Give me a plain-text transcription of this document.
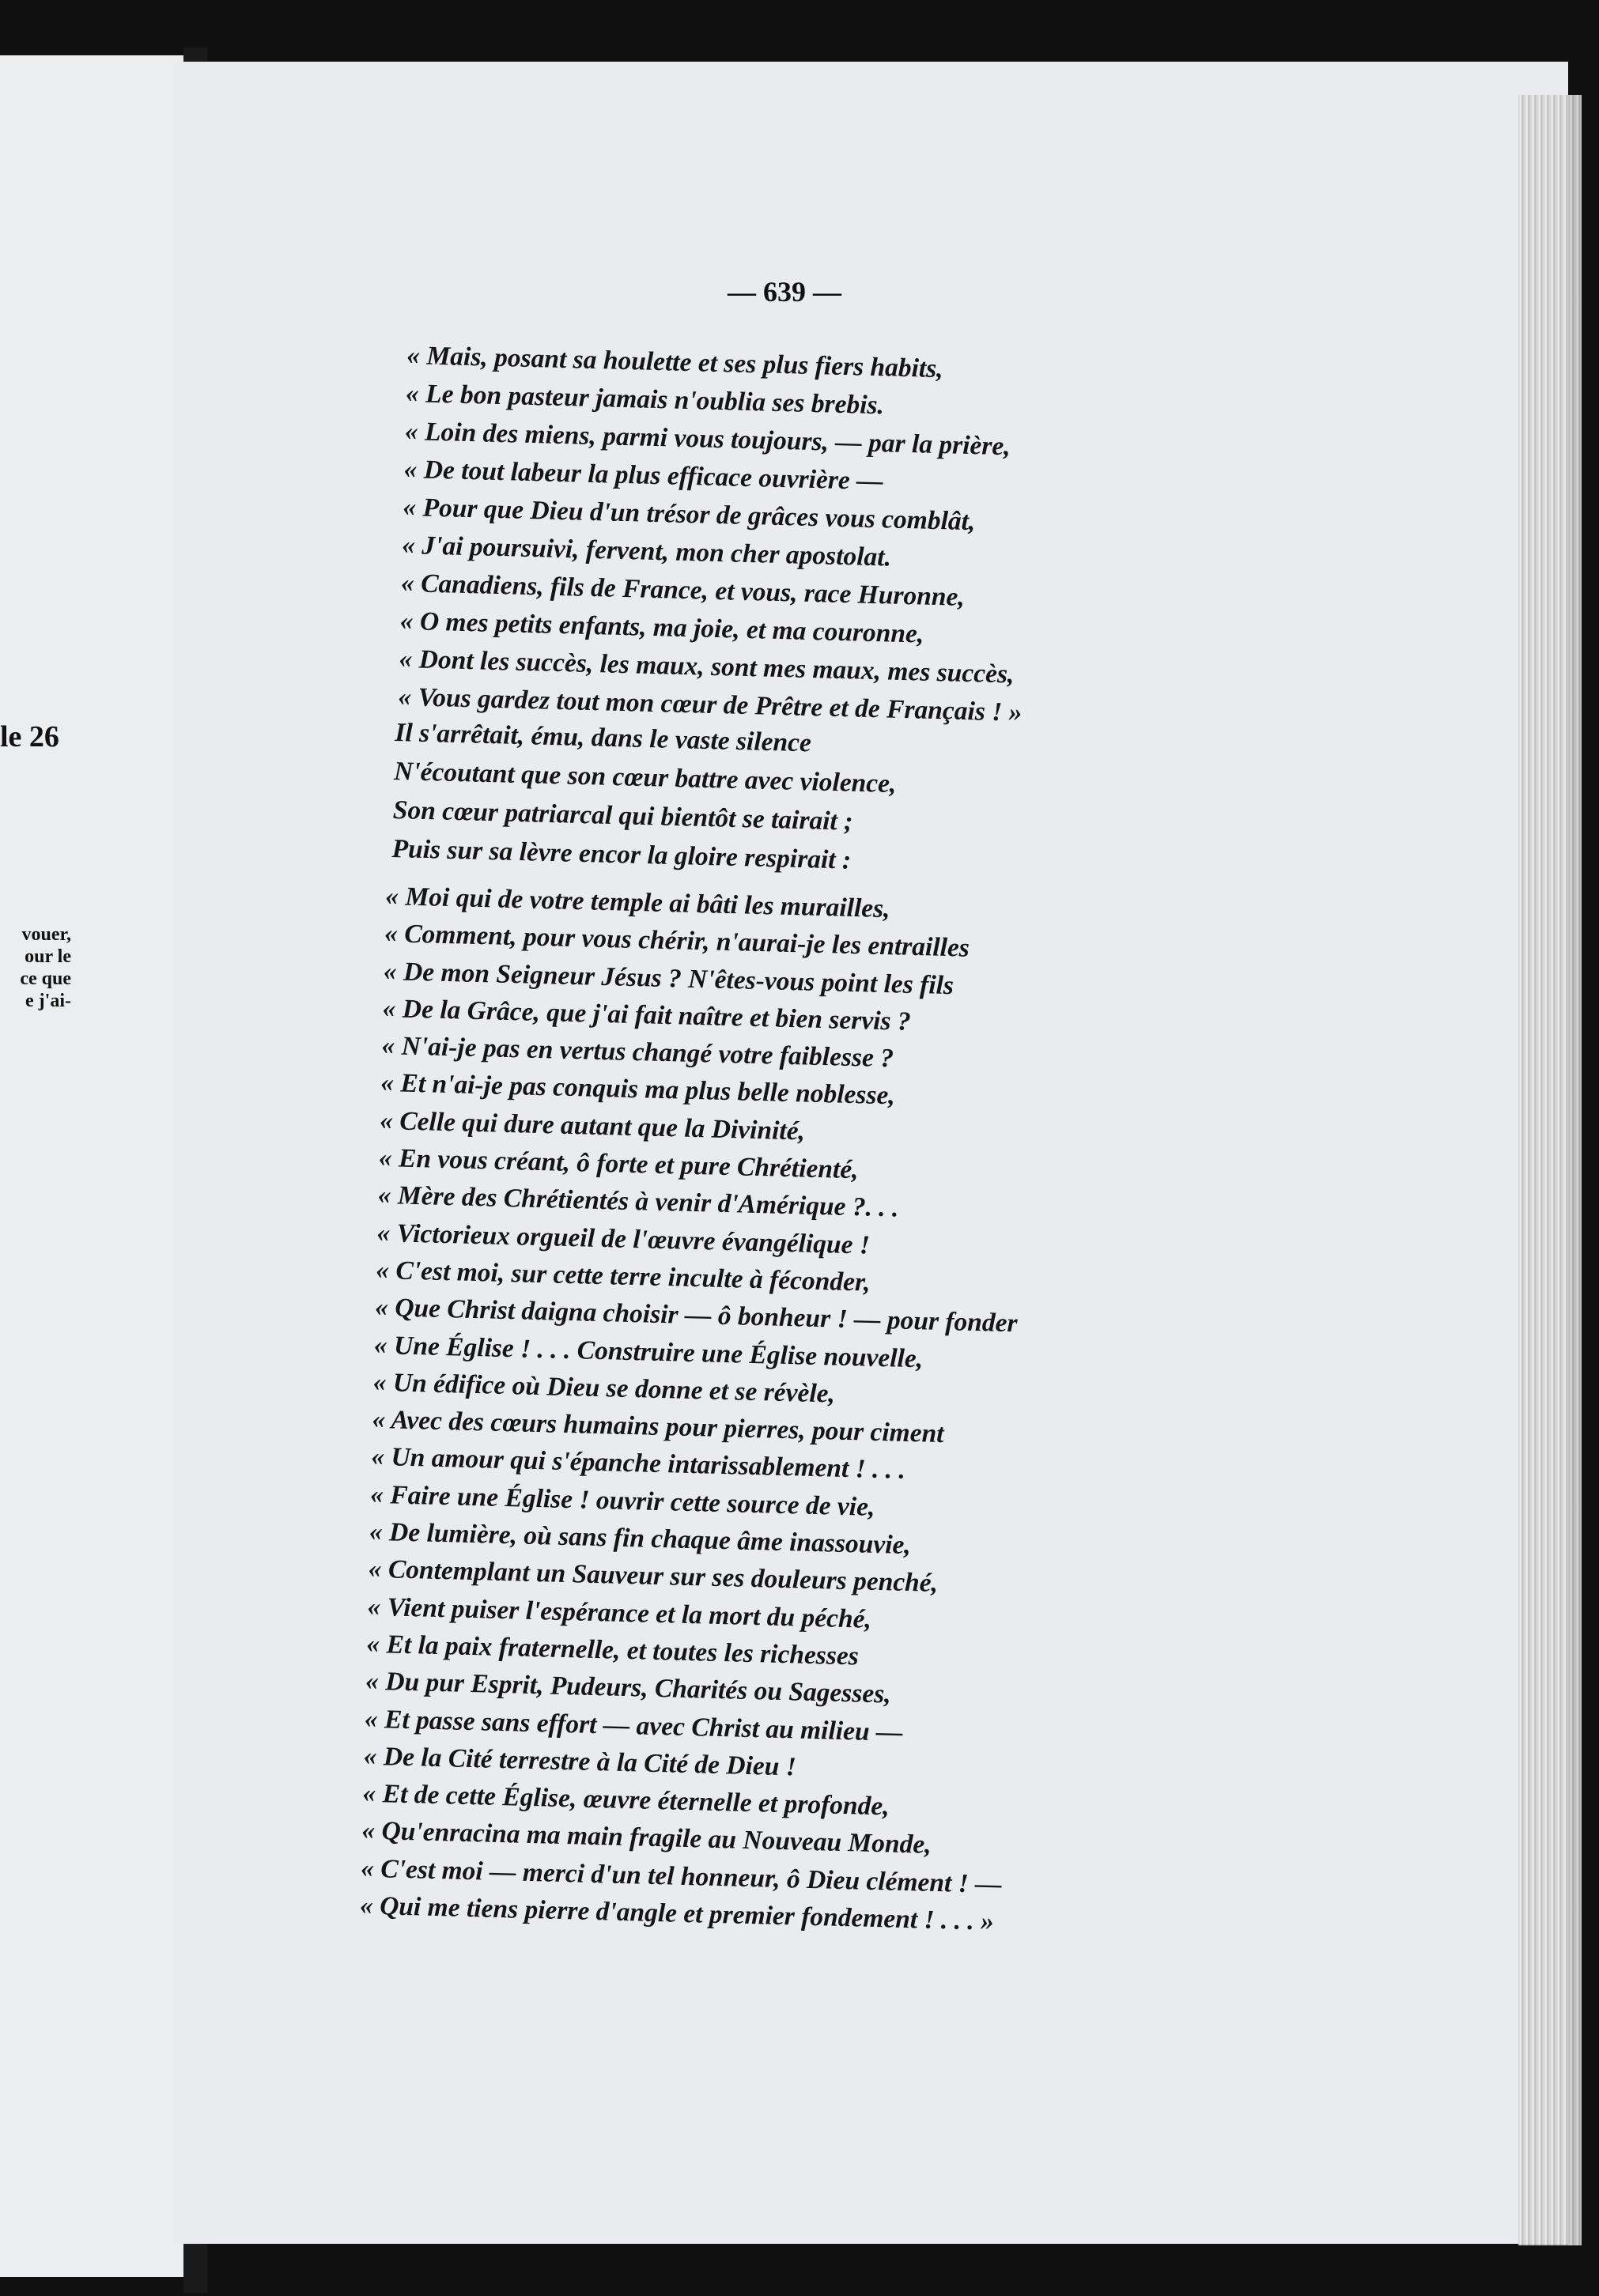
le 26
vouer,
our le
ce que
e j'ai-
— 639 —
« Mais, posant sa houlette et ses plus fiers habits,
« Le bon pasteur jamais n'oublia ses brebis.
« Loin des miens, parmi vous toujours, — par la prière,
« De tout labeur la plus efficace ouvrière —
« Pour que Dieu d'un trésor de grâces vous comblât,
« J'ai poursuivi, fervent, mon cher apostolat.
« Canadiens, fils de France, et vous, race Huronne,
« O mes petits enfants, ma joie, et ma couronne,
« Dont les succès, les maux, sont mes maux, mes succès,
« Vous gardez tout mon cœur de Prêtre et de Français ! »
Il s'arrêtait, ému, dans le vaste silence
N'écoutant que son cœur battre avec violence,
Son cœur patriarcal qui bientôt se tairait ;
Puis sur sa lèvre encor la gloire respirait :
« Moi qui de votre temple ai bâti les murailles,
« Comment, pour vous chérir, n'aurai-je les entrailles
« De mon Seigneur Jésus ? N'êtes-vous point les fils
« De la Grâce, que j'ai fait naître et bien servis ?
« N'ai-je pas en vertus changé votre faiblesse ?
« Et n'ai-je pas conquis ma plus belle noblesse,
« Celle qui dure autant que la Divinité,
« En vous créant, ô forte et pure Chrétienté,
« Mère des Chrétientés à venir d'Amérique ?. . .
« Victorieux orgueil de l'œuvre évangélique !
« C'est moi, sur cette terre inculte à féconder,
« Que Christ daigna choisir — ô bonheur ! — pour fonder
« Une Église ! . . . Construire une Église nouvelle,
« Un édifice où Dieu se donne et se révèle,
« Avec des cœurs humains pour pierres, pour ciment
« Un amour qui s'épanche intarissablement ! . . .
« Faire une Église ! ouvrir cette source de vie,
« De lumière, où sans fin chaque âme inassouvie,
« Contemplant un Sauveur sur ses douleurs penché,
« Vient puiser l'espérance et la mort du péché,
« Et la paix fraternelle, et toutes les richesses
« Du pur Esprit, Pudeurs, Charités ou Sagesses,
« Et passe sans effort — avec Christ au milieu —
« De la Cité terrestre à la Cité de Dieu !
« Et de cette Église, œuvre éternelle et profonde,
« Qu'enracina ma main fragile au Nouveau Monde,
« C'est moi — merci d'un tel honneur, ô Dieu clément ! —
« Qui me tiens pierre d'angle et premier fondement ! . . . »
